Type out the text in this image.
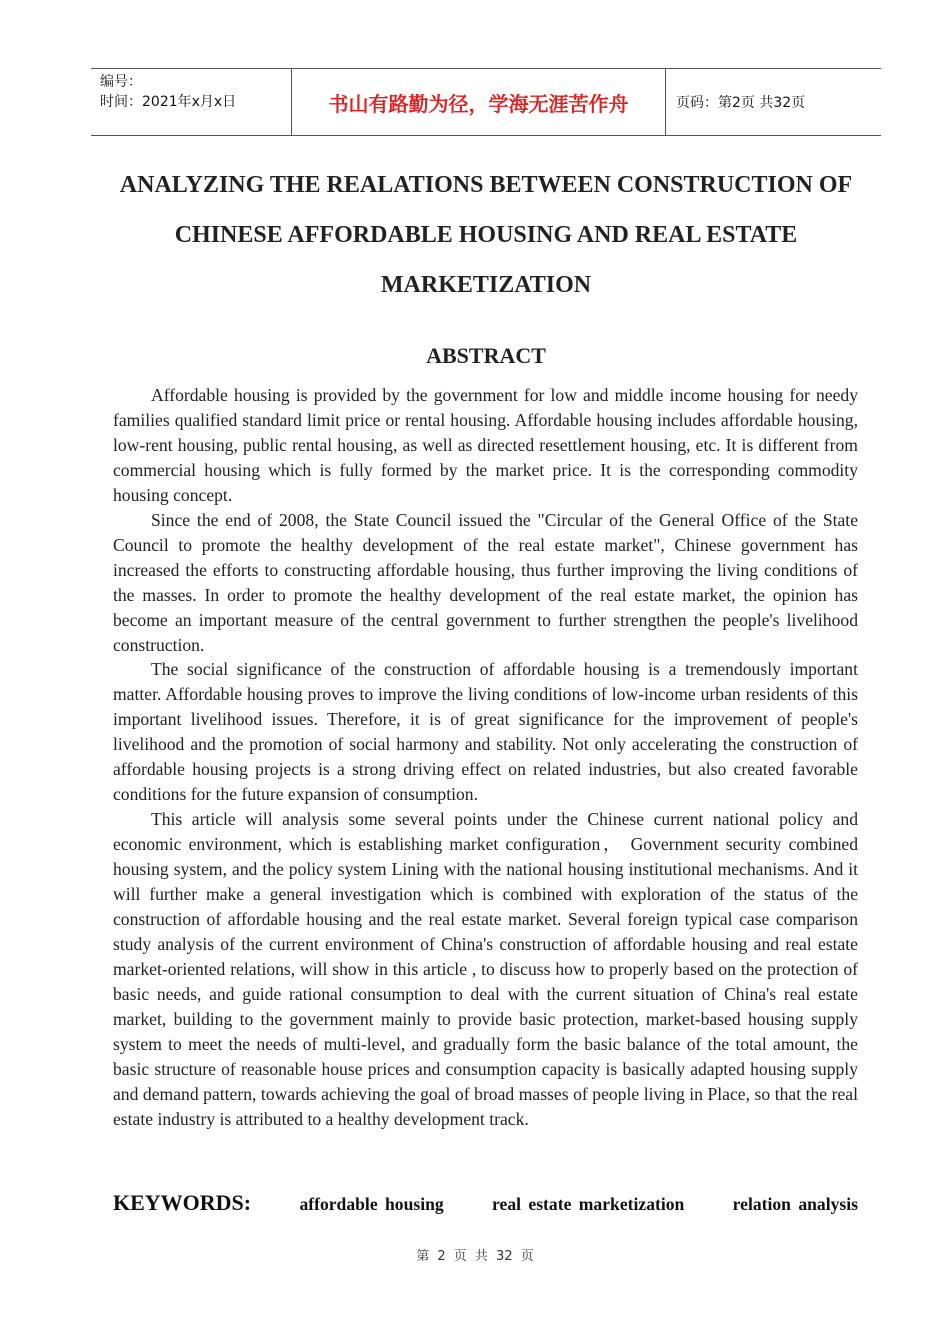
编号：
时间：2021年x月x日	书山有路勤为径，学海无涯苦作舟	页码：第2页 共32页
ANALYZING THE REALATIONS BETWEEN CONSTRUCTION OF CHINESE AFFORDABLE HOUSING AND REAL ESTATE MARKETIZATION
ABSTRACT

Affordable housing is provided by the government for low and middle income housing for needy families qualified standard limit price or rental housing. Affordable housing includes affordable housing, low-rent housing, public rental housing, as well as directed resettlement housing, etc. It is different from commercial housing which is fully formed by the market price. It is the corresponding commodity housing concept.

Since the end of 2008, the State Council issued the "Circular of the General Office of the State Council to promote the healthy development of the real estate market", Chinese government has increased the efforts to constructing affordable housing, thus further improving the living conditions of the masses. In order to promote the healthy development of the real estate market, the opinion has become an important measure of the central government to further strengthen the people's livelihood construction.

The social significance of the construction of affordable housing is a tremendously important matter. Affordable housing proves to improve the living conditions of low-income urban residents of this important livelihood issues. Therefore, it is of great significance for the improvement of people's livelihood and the promotion of social harmony and stability. Not only accelerating the construction of affordable housing projects is a strong driving effect on related industries, but also created favorable conditions for the future expansion of consumption.

This article will analysis some several points under the Chinese current national policy and economic environment, which is establishing market configuration， Government security combined housing system, and the policy system Lining with the national housing institutional mechanisms. And it will further make a general investigation which is combined with exploration of the status of the construction of affordable housing and the real estate market. Several foreign typical case comparison study analysis of the current environment of China's construction of affordable housing and real estate market-oriented relations, will show in this article , to discuss how to properly based on the protection of basic needs, and guide rational consumption to deal with the current situation of China's real estate market, building to the government mainly to provide basic protection, market-based housing supply system to meet the needs of multi-level, and gradually form the basic balance of the total amount, the basic structure of reasonable house prices and consumption capacity is basically adapted housing supply and demand pattern, towards achieving the goal of broad masses of people living in Place, so that the real estate industry is attributed to a healthy development track.

KEYWORDS:	affordable housing	real estate marketization	relation analysis
第 2 页 共 32 页
